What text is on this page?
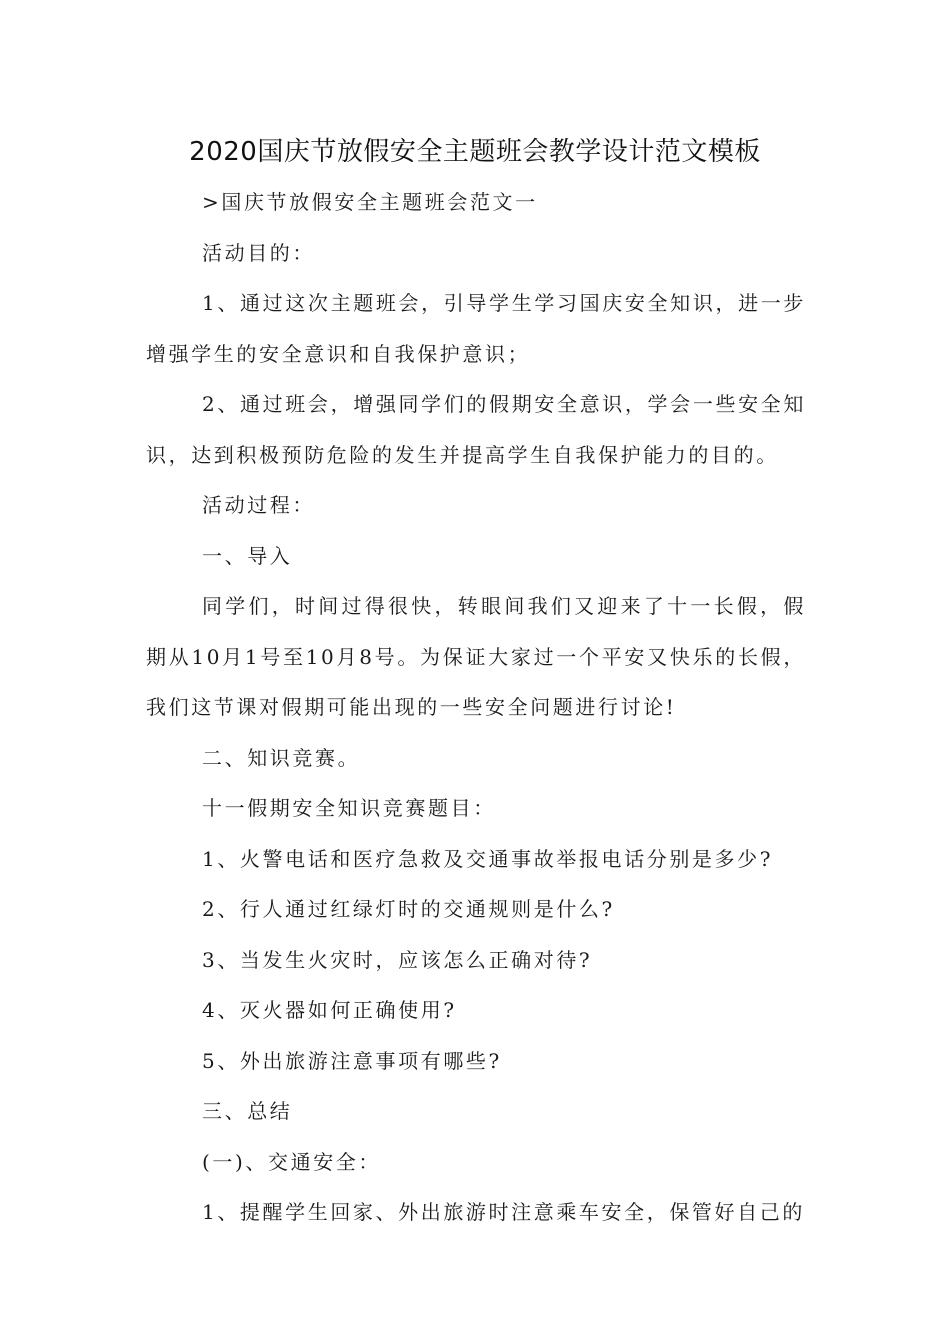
2020国庆节放假安全主题班会教学设计范文模板

>国庆节放假安全主题班会范文一

活动目的：

1、通过这次主题班会，引导学生学习国庆安全知识，进一步增强学生的安全意识和自我保护意识；

2、通过班会，增强同学们的假期安全意识，学会一些安全知识，达到积极预防危险的发生并提高学生自我保护能力的目的。

活动过程：

一、导入

同学们，时间过得很快，转眼间我们又迎来了十一长假，假期从10月1号至10月8号。为保证大家过一个平安又快乐的长假，我们这节课对假期可能出现的一些安全问题进行讨论!

二、知识竞赛。

十一假期安全知识竞赛题目：

1、火警电话和医疗急救及交通事故举报电话分别是多少?

2、行人通过红绿灯时的交通规则是什么?

3、当发生火灾时，应该怎么正确对待?

4、灭火器如何正确使用?

5、外出旅游注意事项有哪些?

三、总结

(一)、交通安全：

1、提醒学生回家、外出旅游时注意乘车安全，保管好自己的
